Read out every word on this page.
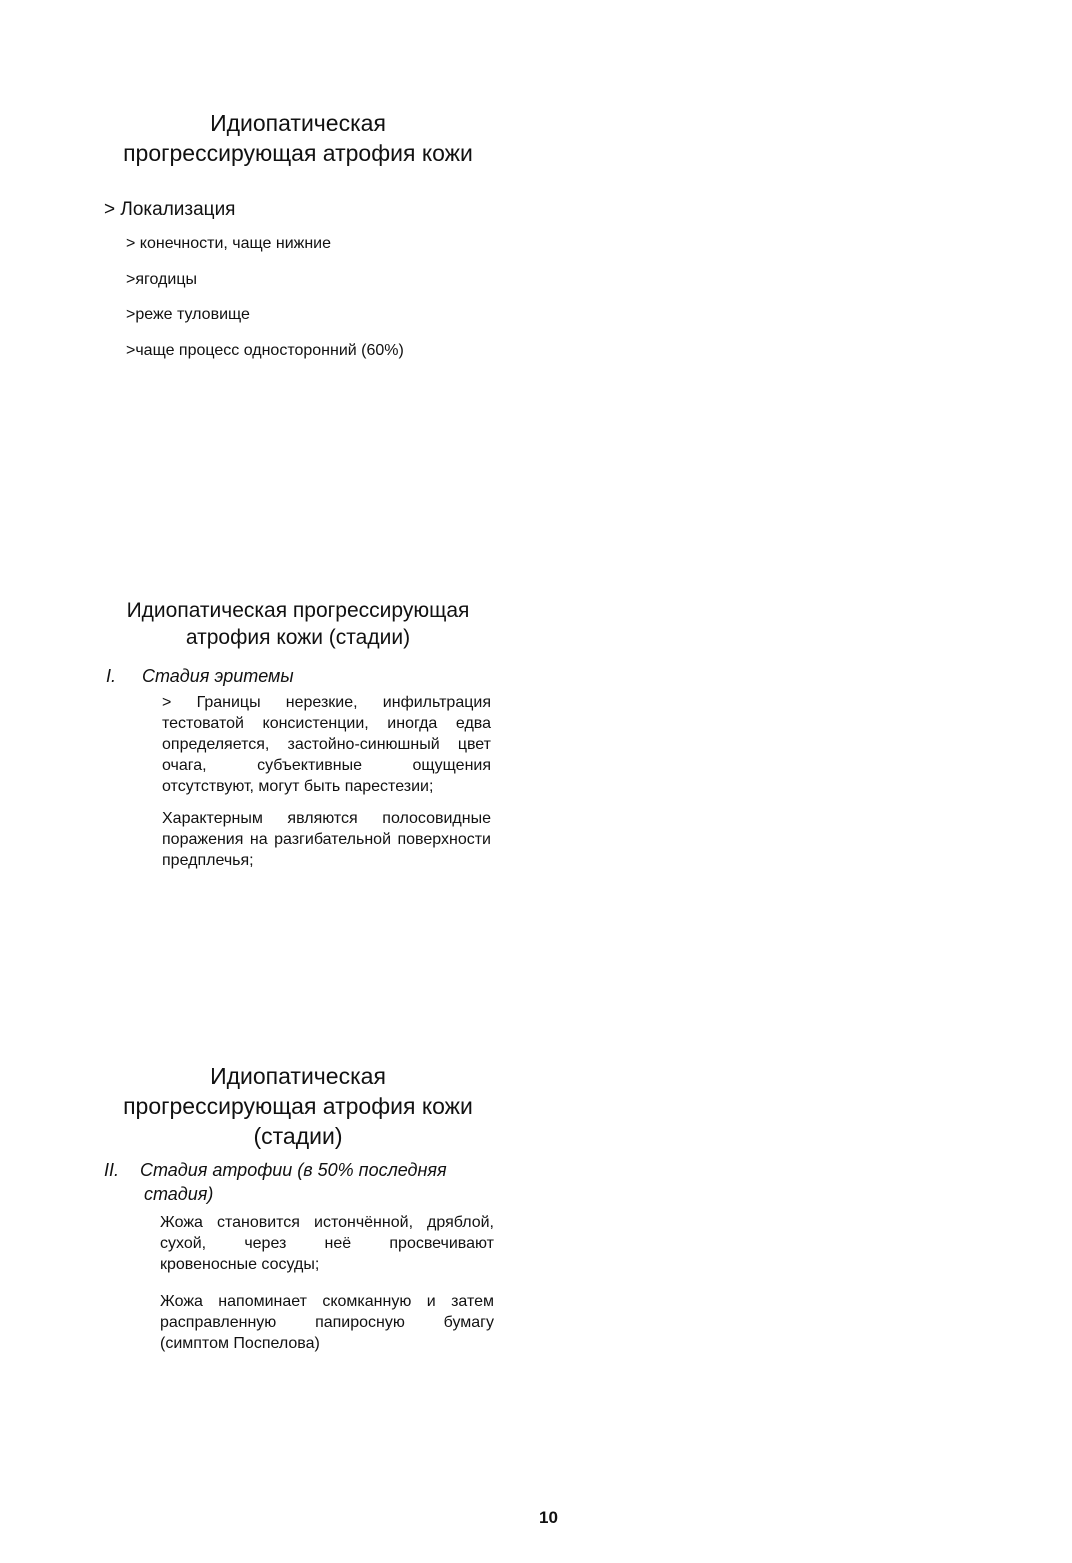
Идиопатическая
прогрессирующая атрофия кожи
> Локализация
> конечности, чаще нижние
>ягодицы
>реже туловище
>чаще процесс односторонний (60%)
Идиопатическая прогрессирующая
атрофия кожи (стадии)
I. Стадия эритемы
> Границы нерезкие, инфильтрация тестоватой консистенции, иногда едва определяется, застойно-синюшный цвет очага, субъективные ощущения отсутствуют, могут быть парестезии;
Характерным являются полосовидные поражения на разгибательной поверхности предплечья;
Идиопатическая
прогрессирующая атрофия кожи
(стадии)
II. Стадия атрофии (в 50% последняя
стадия)
Жожа становится истончённой, дряблой, сухой, через неё просвечивают кровеносные сосуды;
Жожа напоминает скомканную и затем расправленную папиросную бумагу (симптом Поспелова)
10
